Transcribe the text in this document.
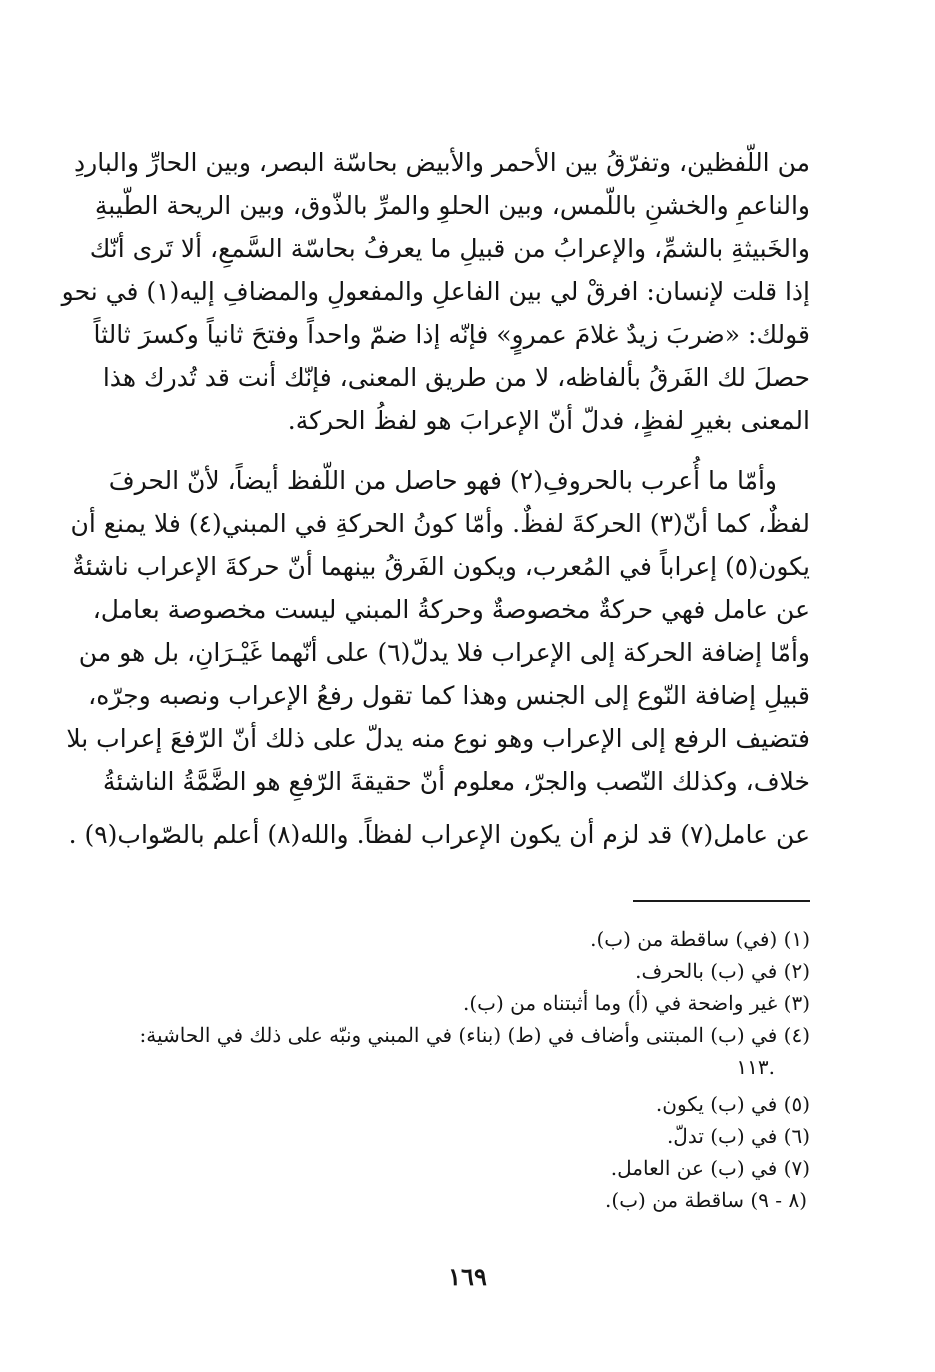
من اللّفظين، وتفرّقُ بين الأحمر والأبيض بحاسّة البصر، وبين الحارِّ والباردِ
والناعمِ والخشنِ باللّمس، وبين الحلوِ والمرِّ بالذّوق، وبين الريحة الطّيبةِ
والخَبيثةِ بالشمِّ، والإعرابُ من قبيلِ ما يعرفُ بحاسّة السَّمعِ، ألا تَرى أنّك
إذا قلت لإنسان: افرقْ لي بين الفاعلِ والمفعولِ والمضافِ إليه(١) في نحو
قولك: «ضربَ زيدٌ غلامَ عمروٍ» فإنّه إذا ضمّ واحداً وفتحَ ثانياً وكسرَ ثالثاً
حصلَ لك الفَرقُ بألفاظه، لا من طريق المعنى، فإنّك أنت قد تُدرك هذا
المعنى بغيرِ لفظٍ، فدلّ أنّ الإعرابَ هو لفظُ الحركة.
وأمّا ما أُعرب بالحروفِ(٢) فهو حاصل من اللّفظ أيضاً، لأنّ الحرفَ
لفظٌ، كما أنّ(٣) الحركةَ لفظٌ. وأمّا كونُ الحركةِ في المبني(٤) فلا يمنع أن
يكون(٥) إعراباً في المُعرب، ويكون الفَرقُ بينهما أنّ حركةَ الإعراب ناشئةٌ
عن عامل فهي حركةٌ مخصوصةٌ وحركةُ المبني ليست مخصوصة بعامل،
وأمّا إضافة الحركة إلى الإعراب فلا يدلّ(٦) على أنّهما غَيْـرَانِ، بل هو من
قبيلِ إضافة النّوع إلى الجنس وهذا كما تقول رفعُ الإعراب ونصبه وجرّه،
فتضيف الرفع إلى الإعراب وهو نوع منه يدلّ على ذلك أنّ الرّفعَ إعراب بلا
خلاف، وكذلك النّصب والجرّ، معلوم أنّ حقيقةَ الرّفعِ هو الضَّمَّةُ الناشئةُ
عن عامل(٧) قد لزم أن يكون الإعراب لفظاً. والله(٨) أعلم بالصّواب(٩) .
(١) (في) ساقطة من (ب).
(٢) في (ب) بالحرف.
(٣) غير واضحة في (أ) وما أثبتناه من (ب).
(٤) في (ب) المبتنى وأضاف في (ط) (بناء) في المبني ونبّه على ذلك في الحاشية:
.١١٣
(٥) في (ب) يكون.
(٦) في (ب) تدلّ.
(٧) في (ب) عن العامل.
(٨ - ٩) ساقطة من (ب).
١٦٩
